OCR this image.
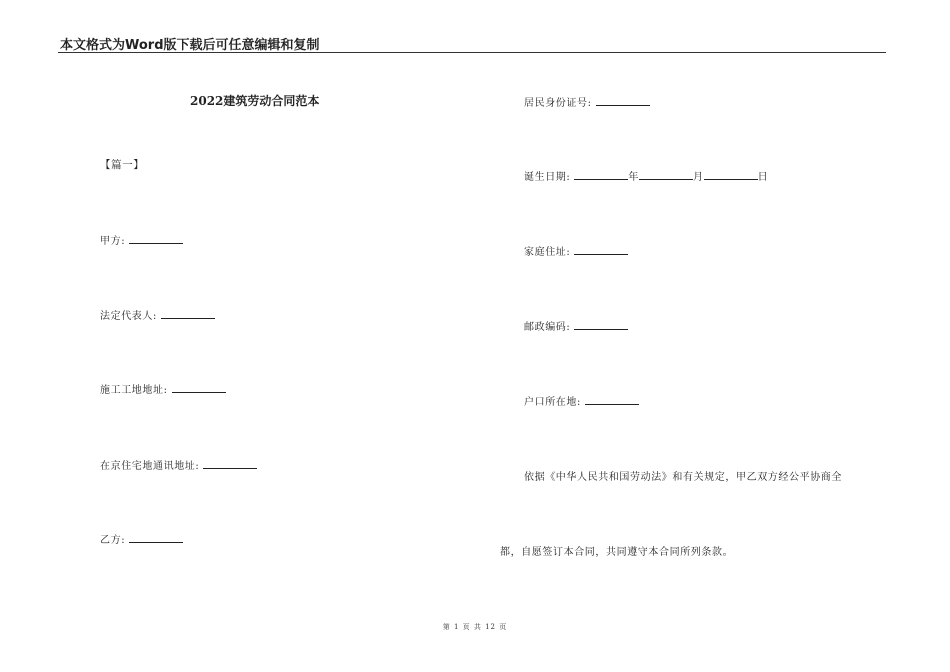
本文格式为Word版下载后可任意编辑和复制
2022建筑劳动合同范本
【篇一】
甲方:
法定代表人:
施工工地地址:
在京住宅地通讯地址:
乙方:
居民身份证号:
诞生日期:	年	月	日
家庭住址:
邮政编码:
户口所在地:
依据《中华人民共和国劳动法》和有关规定，甲乙双方经公平协商全
都，自愿签订本合同，共同遵守本合同所列条款。
第 1 页 共 12 页
